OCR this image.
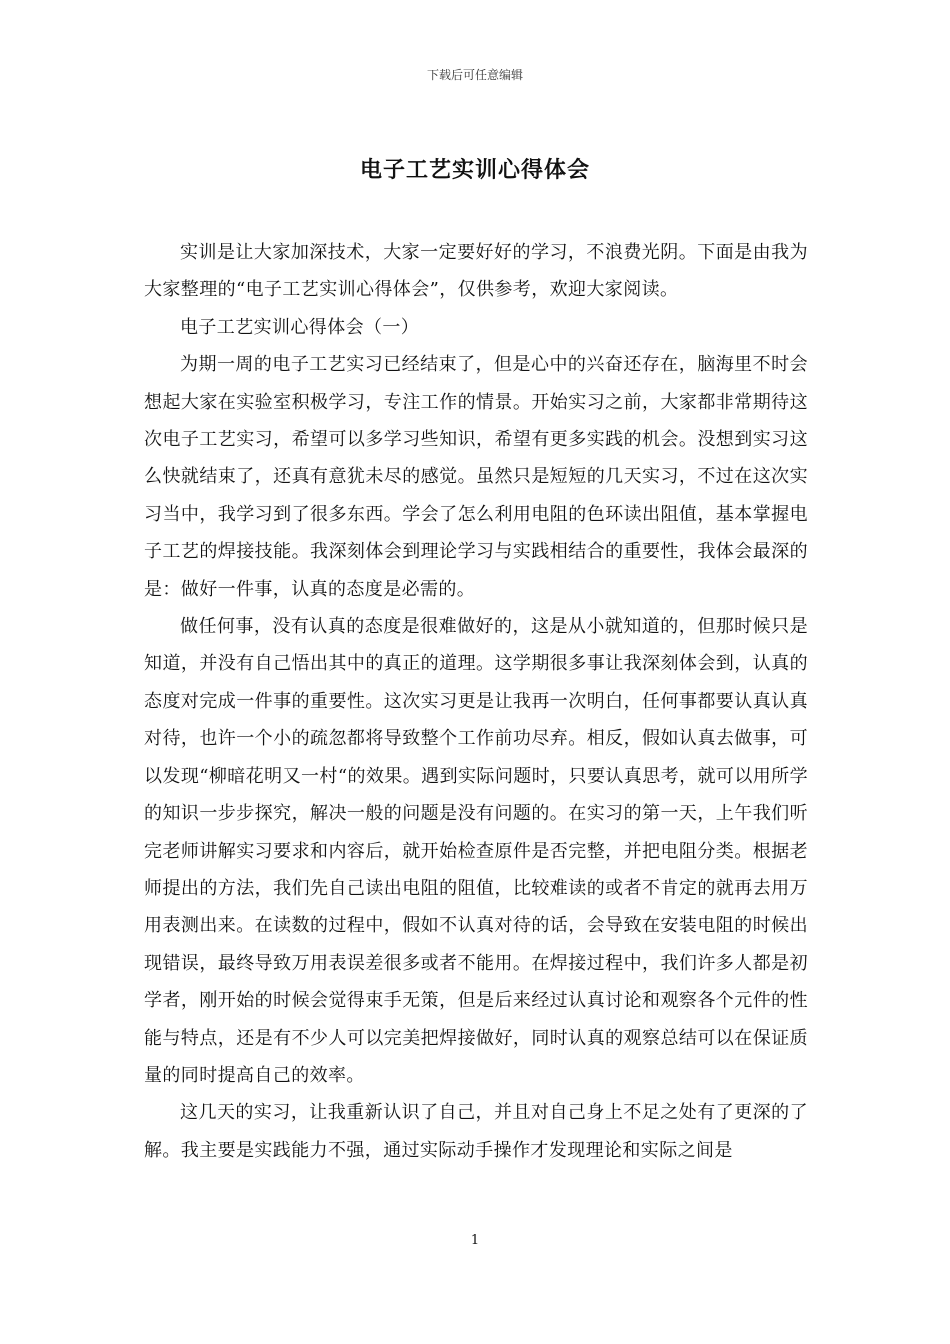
下载后可任意编辑
电子工艺实训心得体会

实训是让大家加深技术，大家一定要好好的学习，不浪费光阴。下面是由我为大家整理的“电子工艺实训心得体会”，仅供参考，欢迎大家阅读。

电子工艺实训心得体会（一）

为期一周的电子工艺实习已经结束了，但是心中的兴奋还存在，脑海里不时会想起大家在实验室积极学习，专注工作的情景。开始实习之前，大家都非常期待这次电子工艺实习，希望可以多学习些知识，希望有更多实践的机会。没想到实习这么快就结束了，还真有意犹未尽的感觉。虽然只是短短的几天实习，不过在这次实习当中，我学习到了很多东西。学会了怎么利用电阻的色环读出阻值，基本掌握电子工艺的焊接技能。我深刻体会到理论学习与实践相结合的重要性，我体会最深的是：做好一件事，认真的态度是必需的。

做任何事，没有认真的态度是很难做好的，这是从小就知道的，但那时候只是知道，并没有自己悟出其中的真正的道理。这学期很多事让我深刻体会到，认真的态度对完成一件事的重要性。这次实习更是让我再一次明白，任何事都要认真认真对待，也许一个小的疏忽都将导致整个工作前功尽弃。相反，假如认真去做事，可以发现“柳暗花明又一村“的效果。遇到实际问题时，只要认真思考，就可以用所学的知识一步步探究，解决一般的问题是没有问题的。在实习的第一天，上午我们听完老师讲解实习要求和内容后，就开始检查原件是否完整，并把电阻分类。根据老师提出的方法，我们先自己读出电阻的阻值，比较难读的或者不肯定的就再去用万用表测出来。在读数的过程中，假如不认真对待的话，会导致在安装电阻的时候出现错误，最终导致万用表误差很多或者不能用。在焊接过程中，我们许多人都是初学者，刚开始的时候会觉得束手无策，但是后来经过认真讨论和观察各个元件的性能与特点，还是有不少人可以完美把焊接做好，同时认真的观察总结可以在保证质量的同时提高自己的效率。

这几天的实习，让我重新认识了自己，并且对自己身上不足之处有了更深的了解。我主要是实践能力不强，通过实际动手操作才发现理论和实际之间是

1
